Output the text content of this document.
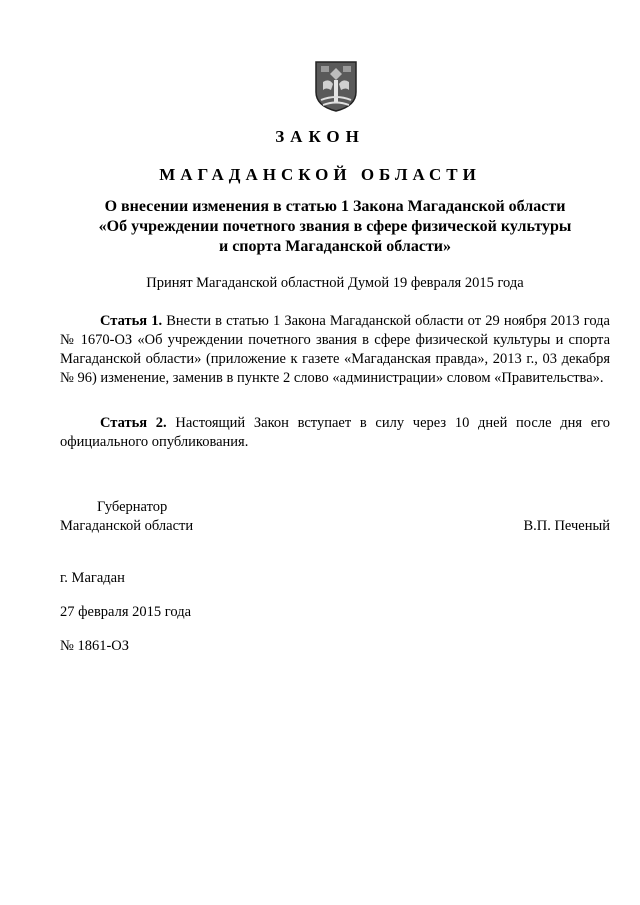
ЗАКОН
МАГАДАНСКОЙ ОБЛАСТИ
О внесении изменения в статью 1 Закона Магаданской области
«Об учреждении почетного звания в сфере физической культуры
и спорта Магаданской области»
Принят Магаданской областной Думой 19 февраля 2015 года
Статья 1. Внести в статью 1 Закона Магаданской области от 29 ноября 2013 года № 1670-ОЗ «Об учреждении почетного звания в сфере физической культуры и спорта Магаданской области» (приложение к газете «Магаданская правда», 2013 г., 03 декабря № 96) изменение, заменив в пункте 2 слово «администрации» словом «Правительства».
Статья 2. Настоящий Закон вступает в силу через 10 дней после дня его официального опубликования.
Губернатор
Магаданской области	В.П. Печеный
г. Магадан
27 февраля 2015 года
№ 1861-ОЗ
